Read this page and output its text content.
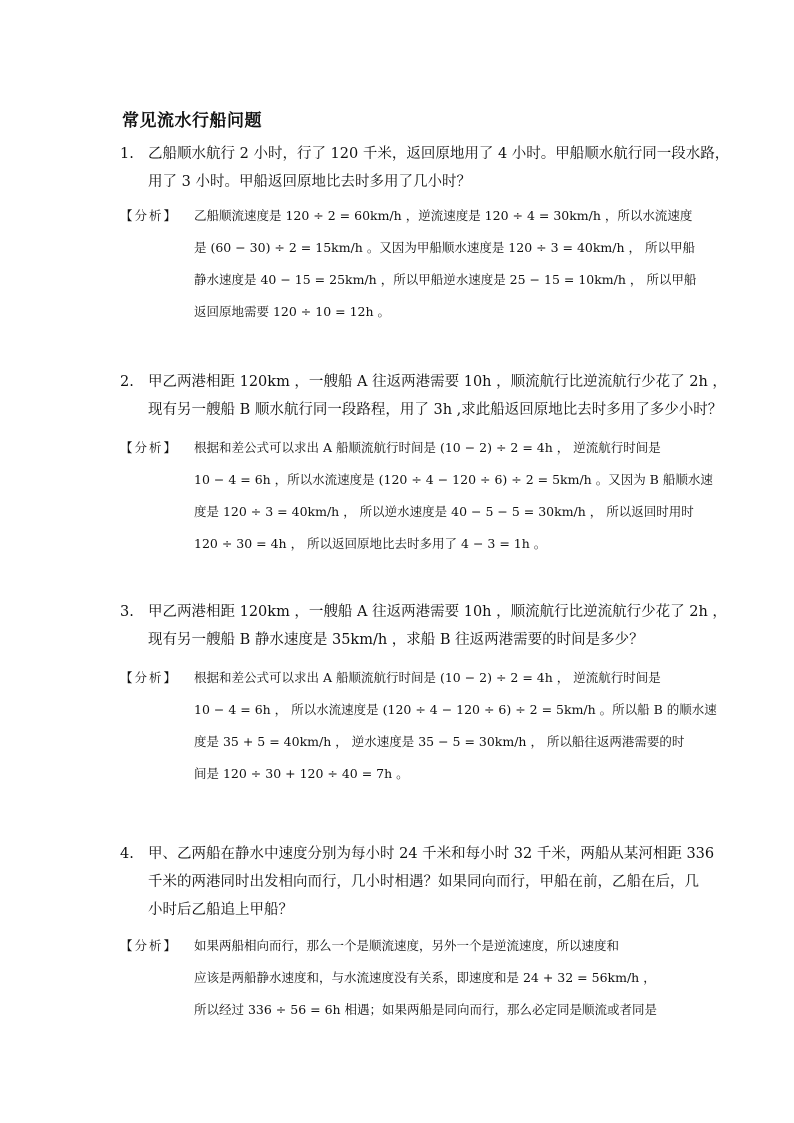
常见流水行船问题
1. 乙船顺水航行 2 小时，行了 120 千米，返回原地用了 4 小时。甲船顺水航行同一段水路，
用了 3 小时。甲船返回原地比去时多用了几小时？
【分析】	乙船顺流速度是 120 ÷ 2 = 60km/h ，逆流速度是 120 ÷ 4 = 30km/h ，所以水流速度
是 (60 − 30) ÷ 2 = 15km/h 。又因为甲船顺水速度是 120 ÷ 3 = 40km/h ， 所以甲船
静水速度是 40 − 15 = 25km/h ，所以甲船逆水速度是 25 − 15 = 10km/h ， 所以甲船
返回原地需要 120 ÷ 10 = 12h 。
2. 甲乙两港相距 120km ，一艘船 A 往返两港需要 10h ，顺流航行比逆流航行少花了 2h ，
现有另一艘船 B 顺水航行同一段路程，用了 3h ,求此船返回原地比去时多用了多少小时？
【分析】	根据和差公式可以求出 A 船顺流航行时间是 (10 − 2) ÷ 2 = 4h ， 逆流航行时间是
10 − 4 = 6h ，所以水流速度是 (120 ÷ 4 − 120 ÷ 6) ÷ 2 = 5km/h 。又因为 B 船顺水速
度是 120 ÷ 3 = 40km/h ， 所以逆水速度是 40 − 5 − 5 = 30km/h ， 所以返回时用时
120 ÷ 30 = 4h ， 所以返回原地比去时多用了 4 − 3 = 1h 。
3. 甲乙两港相距 120km ，一艘船 A 往返两港需要 10h ，顺流航行比逆流航行少花了 2h ，
现有另一艘船 B 静水速度是 35km/h ，求船 B 往返两港需要的时间是多少？
【分析】	根据和差公式可以求出 A 船顺流航行时间是 (10 − 2) ÷ 2 = 4h ， 逆流航行时间是
10 − 4 = 6h ， 所以水流速度是 (120 ÷ 4 − 120 ÷ 6) ÷ 2 = 5km/h 。所以船 B 的顺水速
度是 35 + 5 = 40km/h ， 逆水速度是 35 − 5 = 30km/h ， 所以船往返两港需要的时
间是 120 ÷ 30 + 120 ÷ 40 = 7h 。
4. 甲、乙两船在静水中速度分别为每小时 24 千米和每小时 32 千米，两船从某河相距 336
千米的两港同时出发相向而行，几小时相遇？如果同向而行，甲船在前，乙船在后，几
小时后乙船追上甲船？
【分析】	如果两船相向而行，那么一个是顺流速度，另外一个是逆流速度，所以速度和
应该是两船静水速度和，与水流速度没有关系，即速度和是 24 + 32 = 56km/h ，
所以经过 336 ÷ 56 = 6h 相遇；如果两船是同向而行，那么必定同是顺流或者同是
